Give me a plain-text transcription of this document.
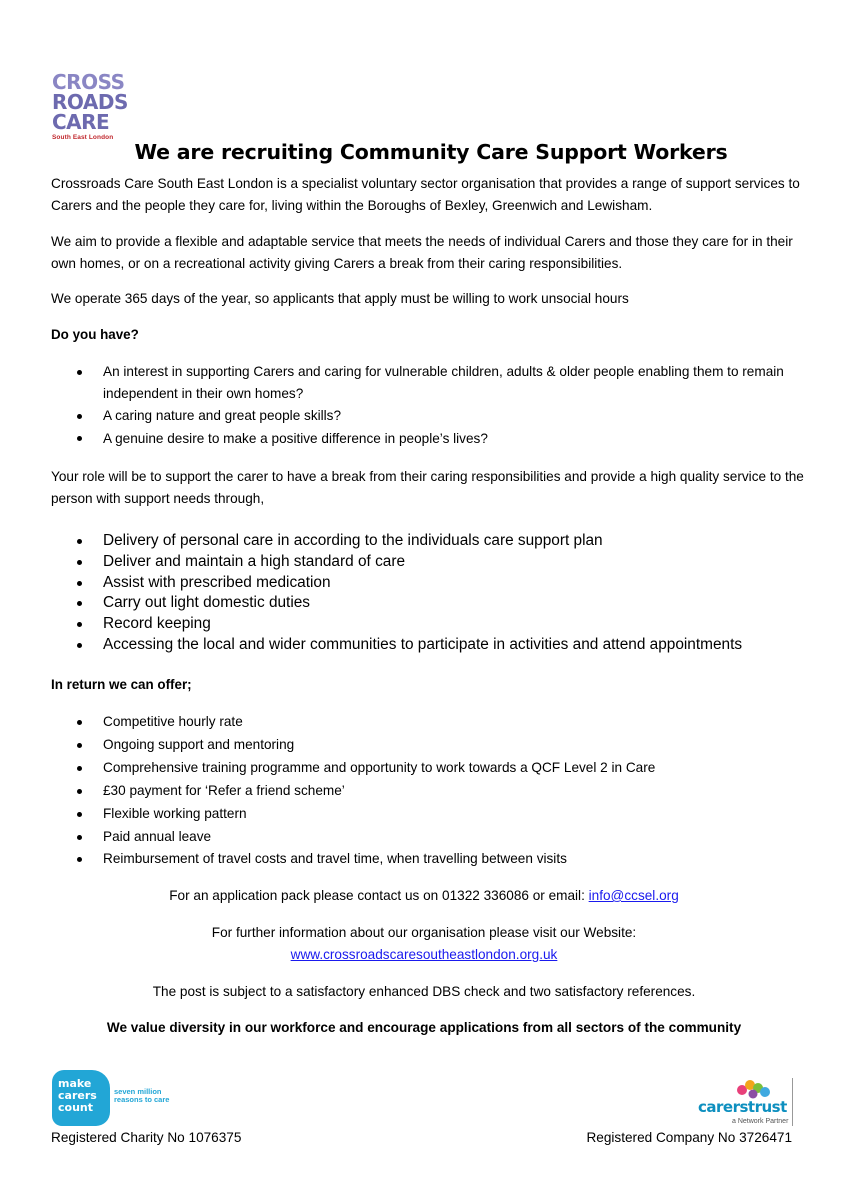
CROSS
ROADS
CARE
South East London
We are recruiting Community Care Support Workers

Crossroads Care South East London is a specialist voluntary sector organisation that provides a range of support services to Carers and the people they care for, living within the Boroughs of Bexley, Greenwich and Lewisham.

We aim to provide a flexible and adaptable service that meets the needs of individual Carers and those they care for in their own homes, or on a recreational activity giving Carers a break from their caring responsibilities.

We operate 365 days of the year, so applicants that apply must be willing to work unsocial hours

Do you have?

An interest in supporting Carers and caring for vulnerable children, adults & older people enabling them to remain independent in their own homes?
A caring nature and great people skills?
A genuine desire to make a positive difference in people’s lives?

Your role will be to support the carer to have a break from their caring responsibilities and provide a high quality service to the person with support needs through,

Delivery of personal care in according to the individuals care support plan
Deliver and maintain a high standard of care
Assist with prescribed medication
Carry out light domestic duties
Record keeping
Accessing the local and wider communities to participate in activities and attend appointments

In return we can offer;

Competitive hourly rate
Ongoing support and mentoring
Comprehensive training programme and opportunity to work towards a QCF Level 2 in Care
£30 payment for ‘Refer a friend scheme’
Flexible working pattern
Paid annual leave
Reimbursement of travel costs and travel time, when travelling between visits

For an application pack please contact us on 01322 336086 or email: info@ccsel.org

For further information about our organisation please visit our Website:

www.crossroadscaresoutheastlondon.org.uk

The post is subject to a satisfactory enhanced DBS check and two satisfactory references.

We value diversity in our workforce and encourage applications from all sectors of the community

make
carers
count
seven million
reasons to care	carerstrust
a Network Partner
Registered Charity No 1076375	Registered Company No 3726471
